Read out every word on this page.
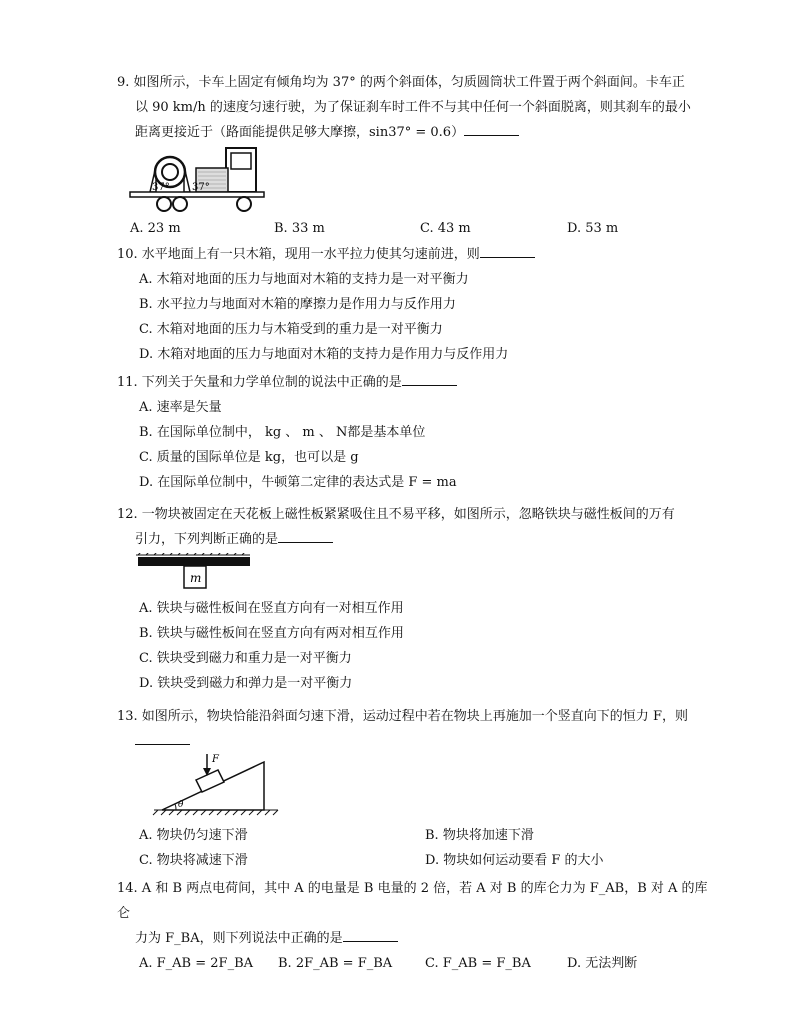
9. 如图所示，卡车上固定有倾角均为 37° 的两个斜面体，匀质圆筒状工件置于两个斜面间。卡车正

以 90 km/h 的速度匀速行驶，为了保证刹车时工件不与其中任何一个斜面脱离，则其刹车的最小

距离更接近于（路面能提供足够大摩擦，sin37° = 0.6）

37° 37°
A. 23 m	B. 33 m	C. 43 m	D. 53 m

10. 水平地面上有一只木箱，现用一水平拉力使其匀速前进，则

A. 木箱对地面的压力与地面对木箱的支持力是一对平衡力

B. 水平拉力与地面对木箱的摩擦力是作用力与反作用力

C. 木箱对地面的压力与木箱受到的重力是一对平衡力

D. 木箱对地面的压力与地面对木箱的支持力是作用力与反作用力

11. 下列关于矢量和力学单位制的说法中正确的是

A. 速率是矢量

B. 在国际单位制中， kg 、 m 、 N都是基本单位

C. 质量的国际单位是 kg，也可以是 g

D. 在国际单位制中，牛顿第二定律的表达式是 F = ma

12. 一物块被固定在天花板上磁性板紧紧吸住且不易平移，如图所示，忽略铁块与磁性板间的万有

引力，下列判断正确的是

m

A. 铁块与磁性板间在竖直方向有一对相互作用

B. 铁块与磁性板间在竖直方向有两对相互作用

C. 铁块受到磁力和重力是一对平衡力

D. 铁块受到磁力和弹力是一对平衡力

13. 如图所示，物块恰能沿斜面匀速下滑，运动过程中若在物块上再施加一个竖直向下的恒力 F，则

F
θ
A. 物块仍匀速下滑	B. 物块将加速下滑
C. 物块将减速下滑	D. 物块如何运动要看 F 的大小

14. A 和 B 两点电荷间，其中 A 的电量是 B 电量的 2 倍，若 A 对 B 的库仑力为 F_AB，B 对 A 的库仑

力为 F_BA，则下列说法中正确的是

A. F_AB = 2F_BA B. 2F_AB = F_BA	C. F_AB = F_BA	D. 无法判断
